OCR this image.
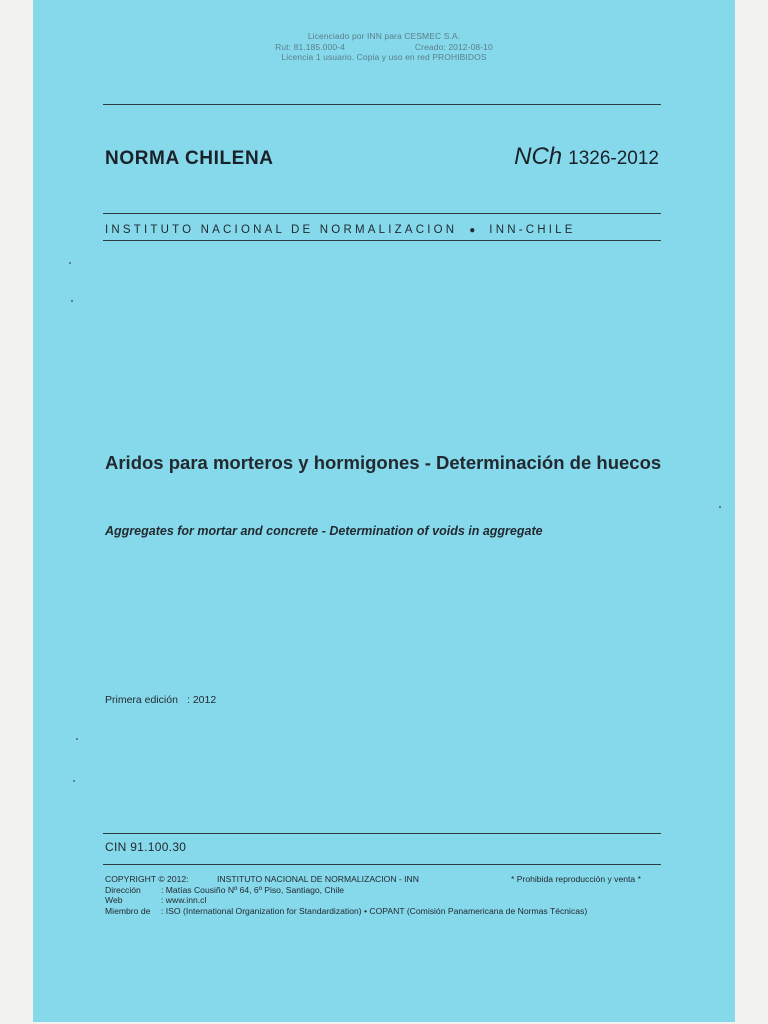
Licenciado por INN para CESMEC S.A.
Rut: 81.185.000-4	Creado: 2012-08-10
Licencia 1 usuario. Copia y uso en red PROHIBIDOS
NORMA CHILENA	NCh 1326-2012
INSTITUTO NACIONAL DE NORMALIZACION ● INN-CHILE
Aridos para morteros y hormigones - Determinación de huecos
Aggregates for mortar and concrete - Determination of voids in aggregate
Primera edición : 2012
CIN 91.100.30
COPYRIGHT © 2012:	INSTITUTO NACIONAL DE NORMALIZACION - INN	* Prohibida reproducción y venta *
Dirección	: Matías Cousiño Nº 64, 6º Piso, Santiago, Chile
Web	: www.inn.cl
Miembro de	: ISO (International Organization for Standardization) • COPANT (Comisión Panamericana de Normas Técnicas)
